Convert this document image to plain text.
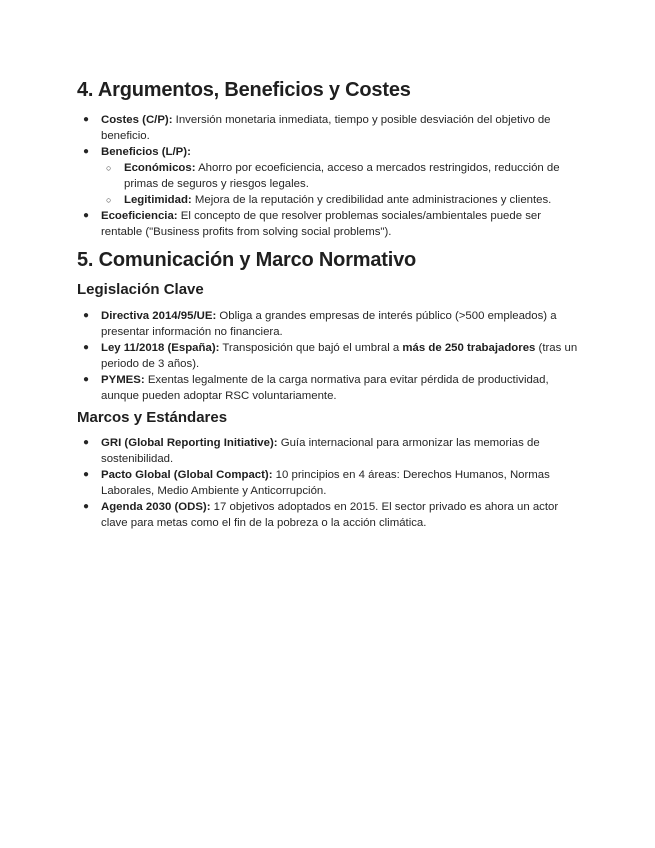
4. Argumentos, Beneficios y Costes
● Costes (C/P): Inversión monetaria inmediata, tiempo y posible desviación del objetivo de beneficio.
● Beneficios (L/P):
○ Económicos: Ahorro por ecoeficiencia, acceso a mercados restringidos, reducción de primas de seguros y riesgos legales.
○ Legitimidad: Mejora de la reputación y credibilidad ante administraciones y clientes.
● Ecoeficiencia: El concepto de que resolver problemas sociales/ambientales puede ser rentable ("Business profits from solving social problems").
5. Comunicación y Marco Normativo
Legislación Clave
● Directiva 2014/95/UE: Obliga a grandes empresas de interés público (>500 empleados) a presentar información no financiera.
● Ley 11/2018 (España): Transposición que bajó el umbral a más de 250 trabajadores (tras un periodo de 3 años).
● PYMES: Exentas legalmente de la carga normativa para evitar pérdida de productividad, aunque pueden adoptar RSC voluntariamente.
Marcos y Estándares
● GRI (Global Reporting Initiative): Guía internacional para armonizar las memorias de sostenibilidad.
● Pacto Global (Global Compact): 10 principios en 4 áreas: Derechos Humanos, Normas Laborales, Medio Ambiente y Anticorrupción.
● Agenda 2030 (ODS): 17 objetivos adoptados en 2015. El sector privado es ahora un actor clave para metas como el fin de la pobreza o la acción climática.
